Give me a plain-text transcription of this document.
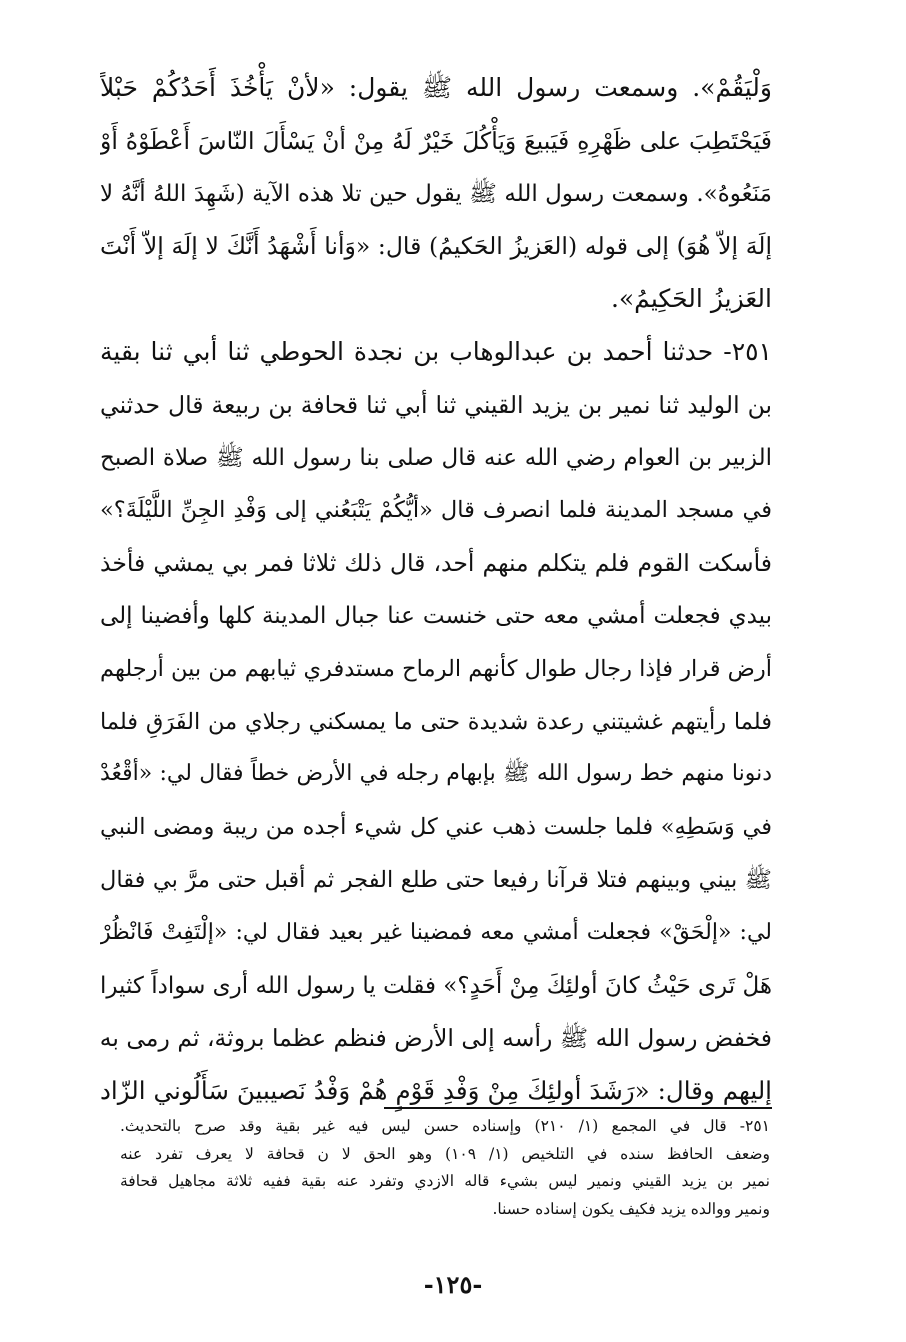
وَلْيَقُمْ». وسمعت رسول الله ﷺ يقول: «لأنْ يَأْخُذَ أَحَدُكُمْ حَبْلاً
فَيَحْتَطِبَ على ظَهْرِهِ فَيَبيعَ وَيَأْكُلَ خَيْرٌ لَهُ مِنْ أنْ يَسْأَلَ النّاسَ أَعْطَوْهُ أَوْ
مَنَعُوهُ». وسمعت رسول الله ﷺ يقول حين تلا هذه الآية (شَهِدَ اللهُ أنَّهُ لا
إلَهَ إلاّ هُوَ) إلى قوله (العَزيزُ الحَكيمُ) قال: «وَأنا أَشْهَدُ أَنَّكَ لا إلَهَ إلاّ أَنْتَ
العَزيزُ الحَكِيمُ».
٢٥١- حدثنا أحمد بن عبدالوهاب بن نجدة الحوطي ثنا أبي ثنا بقية
بن الوليد ثنا نمير بن يزيد القيني ثنا أبي ثنا قحافة بن ربيعة قال حدثني
الزبير بن العوام رضي الله عنه قال صلى بنا رسول الله ﷺ صلاة الصبح
في مسجد المدينة فلما انصرف قال «أيُّكُمْ يَتْبَعُني إلى وَفْدِ الجِنِّ اللَّيْلَةَ؟»
فأسكت القوم فلم يتكلم منهم أحد، قال ذلك ثلاثا فمر بي يمشي فأخذ
بيدي فجعلت أمشي معه حتى خنست عنا جبال المدينة كلها وأفضينا إلى
أرض قرار فإذا رجال طوال كأنهم الرماح مستدفري ثيابهم من بين أرجلهم
فلما رأيتهم غشيتني رعدة شديدة حتى ما يمسكني رجلاي من الفَرَقِ فلما
دنونا منهم خط رسول الله ﷺ بإبهام رجله في الأرض خطاً فقال لي: «أقْعُدْ
في وَسَطِهِ» فلما جلست ذهب عني كل شيء أجده من ريبة ومضى النبي
ﷺ بيني وبينهم فتلا قرآنا رفيعا حتى طلع الفجر ثم أقبل حتى مرَّ بي فقال
لي: «إلْحَقْ» فجعلت أمشي معه فمضينا غير بعيد فقال لي: «إلْتَفِتْ فَانْظُرْ
هَلْ تَرى حَيْثُ كانَ أولئِكَ مِنْ أَحَدٍ؟» فقلت يا رسول الله أرى سواداً كثيرا
فخفض رسول الله ﷺ رأسه إلى الأرض فنظم عظما بروثة، ثم رمى به
إليهم وقال: «رَشَدَ أولئِكَ مِنْ وَفْدِ قَوْمٍ هُمْ وَفْدُ نَصيبينَ سَأَلُوني الزّاد
٢٥١- قال في المجمع (١/ ٢١٠) وإسناده حسن ليس فيه غير بقية وقد صرح بالتحديث.
وضعف الحافظ سنده في التلخيص (١/ ١٠٩) وهو الحق لا ن قحافة لا يعرف تفرد عنه
نمير بن يزيد القيني ونمير ليس بشيء قاله الازدي وتفرد عنه بقية ففيه ثلاثة مجاهيل قحافة
ونمير ووالده يزيد فكيف يكون إسناده حسنا.
-١٢٥-
